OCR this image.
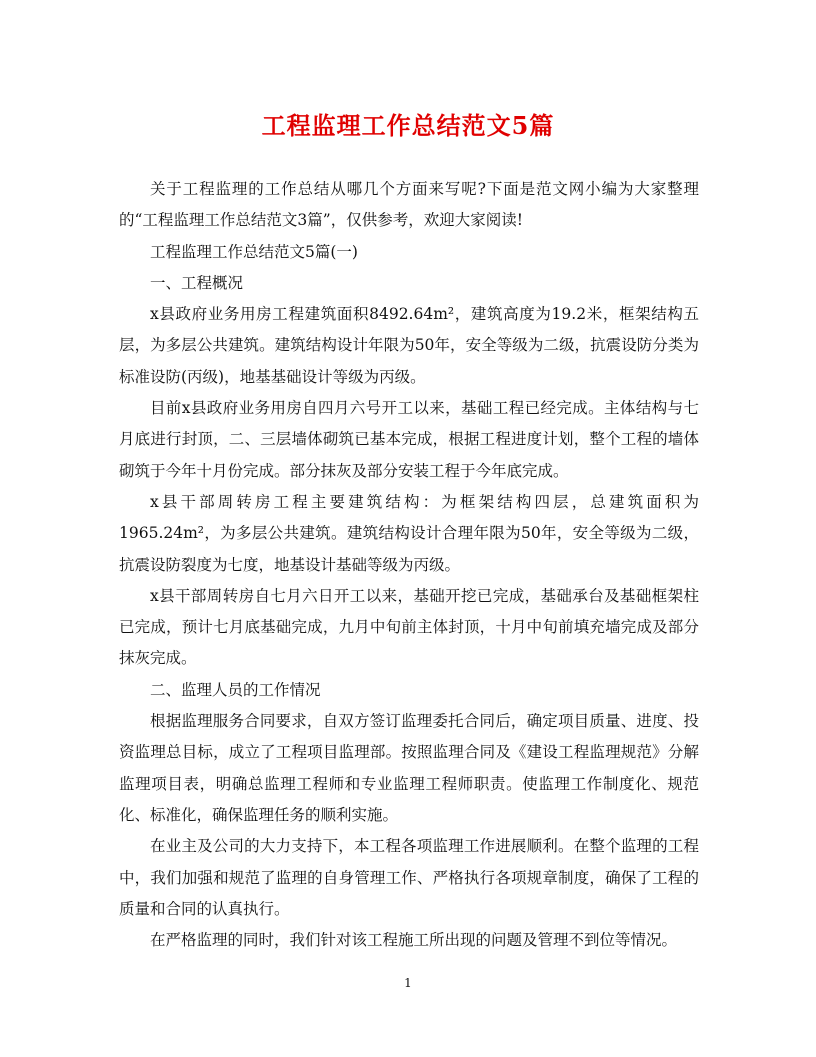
工程监理工作总结范文5篇

关于工程监理的工作总结从哪几个方面来写呢?下面是范文网小编为大家整理的“工程监理工作总结范文3篇”，仅供参考，欢迎大家阅读!

工程监理工作总结范文5篇(一)

一、工程概况

x县政府业务用房工程建筑面积8492.64m²，建筑高度为19.2米，框架结构五层，为多层公共建筑。建筑结构设计年限为50年，安全等级为二级，抗震设防分类为标准设防(丙级)，地基基础设计等级为丙级。

目前x县政府业务用房自四月六号开工以来，基础工程已经完成。主体结构与七月底进行封顶，二、三层墙体砌筑已基本完成，根据工程进度计划，整个工程的墙体砌筑于今年十月份完成。部分抹灰及部分安装工程于今年底完成。

x县干部周转房工程主要建筑结构：为框架结构四层，总建筑面积为1965.24m²，为多层公共建筑。建筑结构设计合理年限为50年，安全等级为二级，抗震设防裂度为七度，地基设计基础等级为丙级。

x县干部周转房自七月六日开工以来，基础开挖已完成，基础承台及基础框架柱已完成，预计七月底基础完成，九月中旬前主体封顶，十月中旬前填充墙完成及部分抹灰完成。

二、监理人员的工作情况

根据监理服务合同要求，自双方签订监理委托合同后，确定项目质量、进度、投资监理总目标，成立了工程项目监理部。按照监理合同及《建设工程监理规范》分解监理项目表，明确总监理工程师和专业监理工程师职责。使监理工作制度化、规范化、标准化，确保监理任务的顺利实施。

在业主及公司的大力支持下，本工程各项监理工作进展顺利。在整个监理的工程中，我们加强和规范了监理的自身管理工作、严格执行各项规章制度，确保了工程的质量和合同的认真执行。

在严格监理的同时，我们针对该工程施工所出现的问题及管理不到位等情况。

1
